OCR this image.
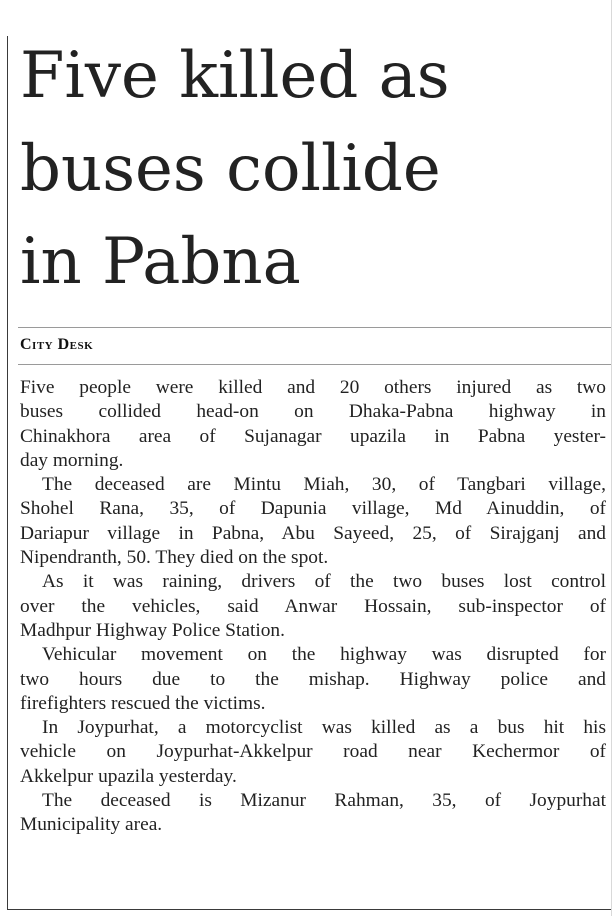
Five killed as
buses collide
in Pabna
City Desk

Five people were killed and 20 others injured as two
buses collided head-on on Dhaka-Pabna highway in
Chinakhora area of Sujanagar upazila in Pabna yester-
day morning.

The deceased are Mintu Miah, 30, of Tangbari village,
Shohel Rana, 35, of Dapunia village, Md Ainuddin, of
Dariapur village in Pabna, Abu Sayeed, 25, of Sirajganj and
Nipendranth, 50. They died on the spot.

As it was raining, drivers of the two buses lost control
over the vehicles, said Anwar Hossain, sub-inspector of
Madhpur Highway Police Station.

Vehicular movement on the highway was disrupted for
two hours due to the mishap. Highway police and
firefighters rescued the victims.

In Joypurhat, a motorcyclist was killed as a bus hit his
vehicle on Joypurhat-Akkelpur road near Kechermor of
Akkelpur upazila yesterday.

The deceased is Mizanur Rahman, 35, of Joypurhat
Municipality area.
